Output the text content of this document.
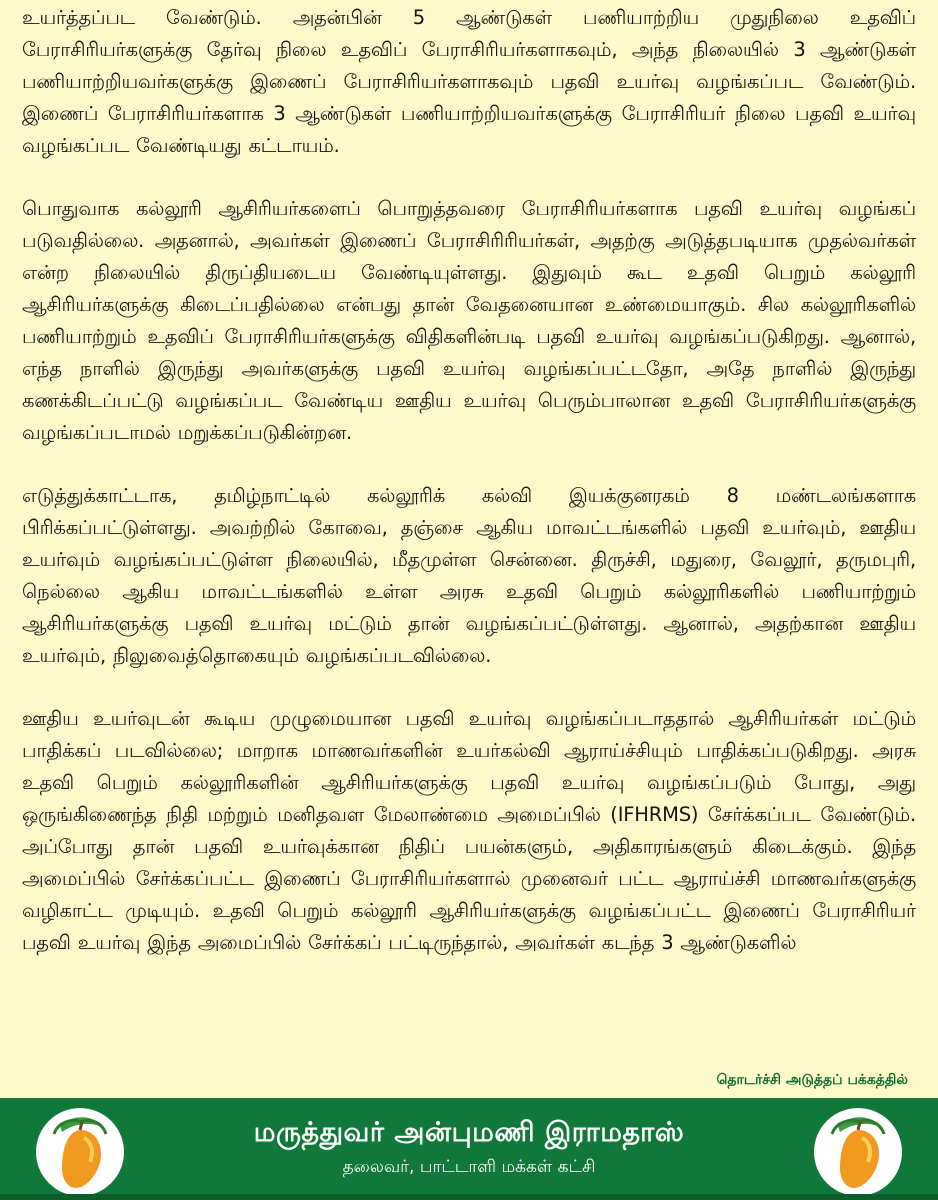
உயர்த்தப்பட வேண்டும். அதன்பின் 5 ஆண்டுகள் பணியாற்றிய முதுநிலை உதவிப் பேராசிரியர்களுக்கு தேர்வு நிலை உதவிப் பேராசிரியர்களாகவும், அந்த நிலையில் 3 ஆண்டுகள் பணியாற்றியவர்களுக்கு இணைப் பேராசிரியர்களாகவும் பதவி உயர்வு வழங்கப்பட வேண்டும். இணைப் பேராசிரியர்களாக 3 ஆண்டுகள் பணியாற்றியவர்களுக்கு பேராசிரியர் நிலை பதவி உயர்வு வழங்கப்பட வேண்டியது கட்டாயம்.

பொதுவாக கல்லூரி ஆசிரியர்களைப் பொறுத்தவரை பேராசிரியர்களாக பதவி உயர்வு வழங்கப் படுவதில்லை. அதனால், அவர்கள் இணைப் பேராசிரிரியர்கள், அதற்கு அடுத்தபடியாக முதல்வர்கள் என்ற நிலையில் திருப்தியடைய வேண்டியுள்ளது. இதுவும் கூட உதவி பெறும் கல்லூரி ஆசிரியர்களுக்கு கிடைப்பதில்லை என்பது தான் வேதனையான உண்மையாகும். சில கல்லூரிகளில் பணியாற்றும் உதவிப் பேராசிரியர்களுக்கு விதிகளின்படி பதவி உயர்வு வழங்கப்படுகிறது. ஆனால், எந்த நாளில் இருந்து அவர்களுக்கு பதவி உயர்வு வழங்கப்பட்டதோ, அதே நாளில் இருந்து கணக்கிடப்பட்டு வழங்கப்பட வேண்டிய ஊதிய உயர்வு பெரும்பாலான உதவி பேராசிரியர்களுக்கு வழங்கப்படாமல் மறுக்கப்படுகின்றன.

எடுத்துக்காட்டாக, தமிழ்நாட்டில் கல்லூரிக் கல்வி இயக்குனரகம் 8 மண்டலங்களாக பிரிக்கப்பட்டுள்ளது. அவற்றில் கோவை, தஞ்சை ஆகிய மாவட்டங்களில் பதவி உயர்வும், ஊதிய உயர்வும் வழங்கப்பட்டுள்ள நிலையில், மீதமுள்ள சென்னை. திருச்சி, மதுரை, வேலூர், தருமபுரி, நெல்லை ஆகிய மாவட்டங்களில் உள்ள அரசு உதவி பெறும் கல்லூரிகளில் பணியாற்றும் ஆசிரியர்களுக்கு பதவி உயர்வு மட்டும் தான் வழங்கப்பட்டுள்ளது. ஆனால், அதற்கான ஊதிய உயர்வும், நிலுவைத்தொகையும் வழங்கப்படவில்லை.

ஊதிய உயர்வுடன் கூடிய முழுமையான பதவி உயர்வு வழங்கப்படாததால் ஆசிரியர்கள் மட்டும் பாதிக்கப் படவில்லை; மாறாக மாணவர்களின் உயர்கல்வி ஆராய்ச்சியும் பாதிக்கப்படுகிறது. அரசு உதவி பெறும் கல்லூரிகளின் ஆசிரியர்களுக்கு பதவி உயர்வு வழங்கப்படும் போது, அது ஒருங்கிணைந்த நிதி மற்றும் மனிதவள மேலாண்மை அமைப்பில் (IFHRMS) சேர்க்கப்பட வேண்டும். அப்போது தான் பதவி உயர்வுக்கான நிதிப் பயன்களும், அதிகாரங்களும் கிடைக்கும். இந்த அமைப்பில் சேர்க்கப்பட்ட இணைப் பேராசிரியர்களால் முனைவர் பட்ட ஆராய்ச்சி மாணவர்களுக்கு வழிகாட்ட முடியும். உதவி பெறும் கல்லூரி ஆசிரியர்களுக்கு வழங்கப்பட்ட இணைப் பேராசிரியர் பதவி உயர்வு இந்த அமைப்பில் சேர்க்கப் பட்டிருந்தால், அவர்கள் கடந்த 3 ஆண்டுகளில்

தொடர்ச்சி அடுத்தப் பக்கத்தில்
மருத்துவர் அன்புமணி இராமதாஸ்
தலைவர், பாட்டாளி மக்கள் கட்சி
